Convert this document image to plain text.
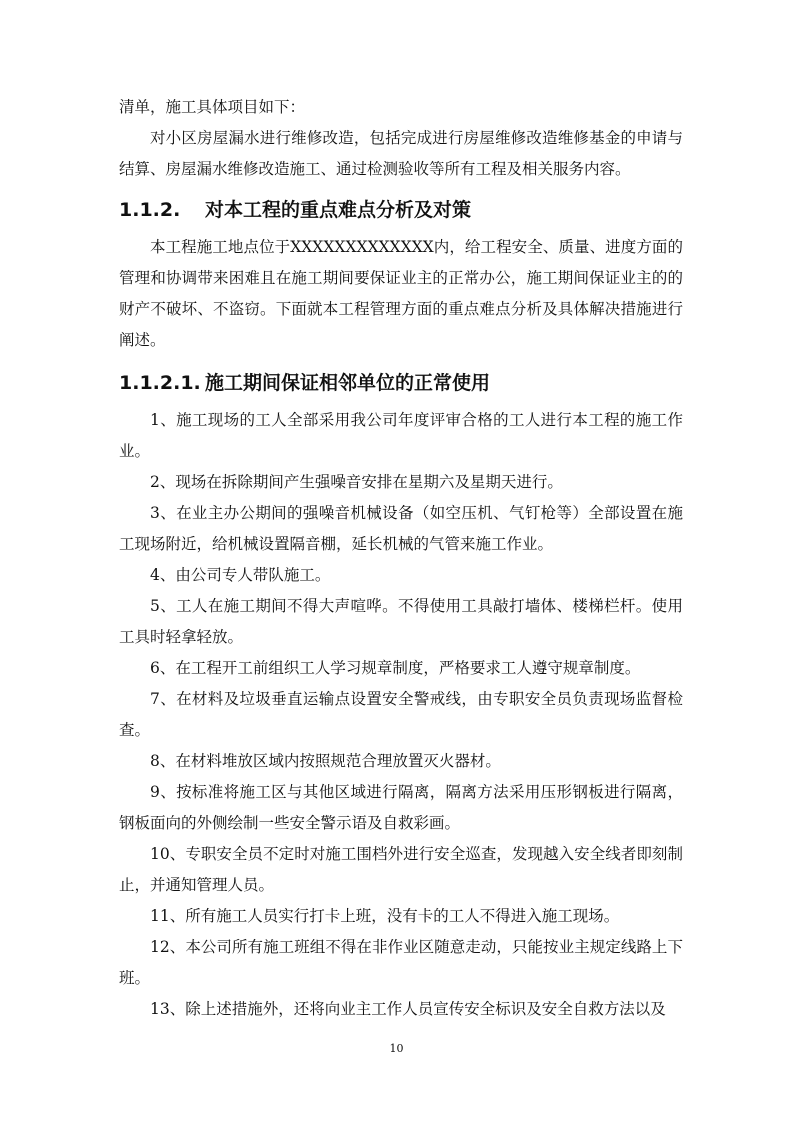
清单，施工具体项目如下：

对小区房屋漏水进行维修改造，包括完成进行房屋维修改造维修基金的申请与结算、房屋漏水维修改造施工、通过检测验收等所有工程及相关服务内容。

1.1.2.	对本工程的重点难点分析及对策

本工程施工地点位于XXXXXXXXXXXXX内，给工程安全、质量、进度方面的管理和协调带来困难且在施工期间要保证业主的正常办公，施工期间保证业主的的财产不破坏、不盗窃。下面就本工程管理方面的重点难点分析及具体解决措施进行阐述。

1.1.2.1. 施工期间保证相邻单位的正常使用

1、施工现场的工人全部采用我公司年度评审合格的工人进行本工程的施工作业。

2、现场在拆除期间产生强噪音安排在星期六及星期天进行。

3、在业主办公期间的强噪音机械设备（如空压机、气钉枪等）全部设置在施工现场附近，给机械设置隔音棚，延长机械的气管来施工作业。

4、由公司专人带队施工。

5、工人在施工期间不得大声喧哗。不得使用工具敲打墙体、楼梯栏杆。使用工具时轻拿轻放。

6、在工程开工前组织工人学习规章制度，严格要求工人遵守规章制度。

7、在材料及垃圾垂直运输点设置安全警戒线，由专职安全员负责现场监督检查。

8、在材料堆放区域内按照规范合理放置灭火器材。

9、按标准将施工区与其他区域进行隔离，隔离方法采用压形钢板进行隔离，钢板面向的外侧绘制一些安全警示语及自救彩画。

10、专职安全员不定时对施工围档外进行安全巡查，发现越入安全线者即刻制止，并通知管理人员。

11、所有施工人员实行打卡上班，没有卡的工人不得进入施工现场。

12、本公司所有施工班组不得在非作业区随意走动，只能按业主规定线路上下班。

13、除上述措施外，还将向业主工作人员宣传安全标识及安全自救方法以及

10
